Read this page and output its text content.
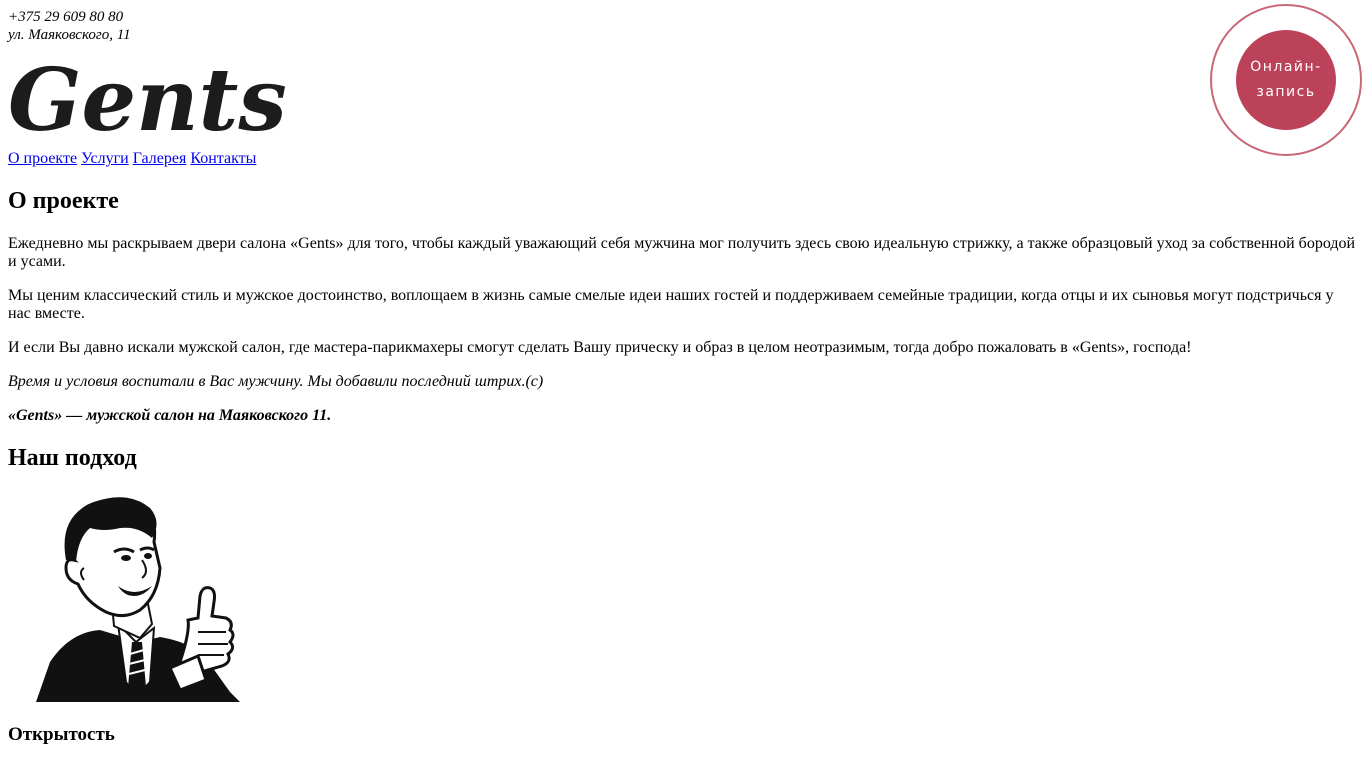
+375 29 609 80 80
ул. Маяковского, 11
Gents
О проекте Услуги Галерея Контакты
Онлайн-запись
О проекте

Ежедневно мы раскрываем двери салона «Gents» для того, чтобы каждый уважающий себя мужчина мог получить здесь свою идеальную стрижку, а также образцовый уход за собственной бородой и усами.

Мы ценим классический стиль и мужское достоинство, воплощаем в жизнь самые смелые идеи наших гостей и поддерживаем семейные традиции, когда отцы и их сыновья могут подстричься у нас вместе.

И если Вы давно искали мужской салон, где мастера-парикмахеры смогут сделать Вашу прическу и образ в целом неотразимым, тогда добро пожаловать в «Gents», господа!

Время и условия воспитали в Вас мужчину. Мы добавили последний штрих.(c)

«Gents» — мужской салон на Маяковского 11.

Наш подход
Открытость
